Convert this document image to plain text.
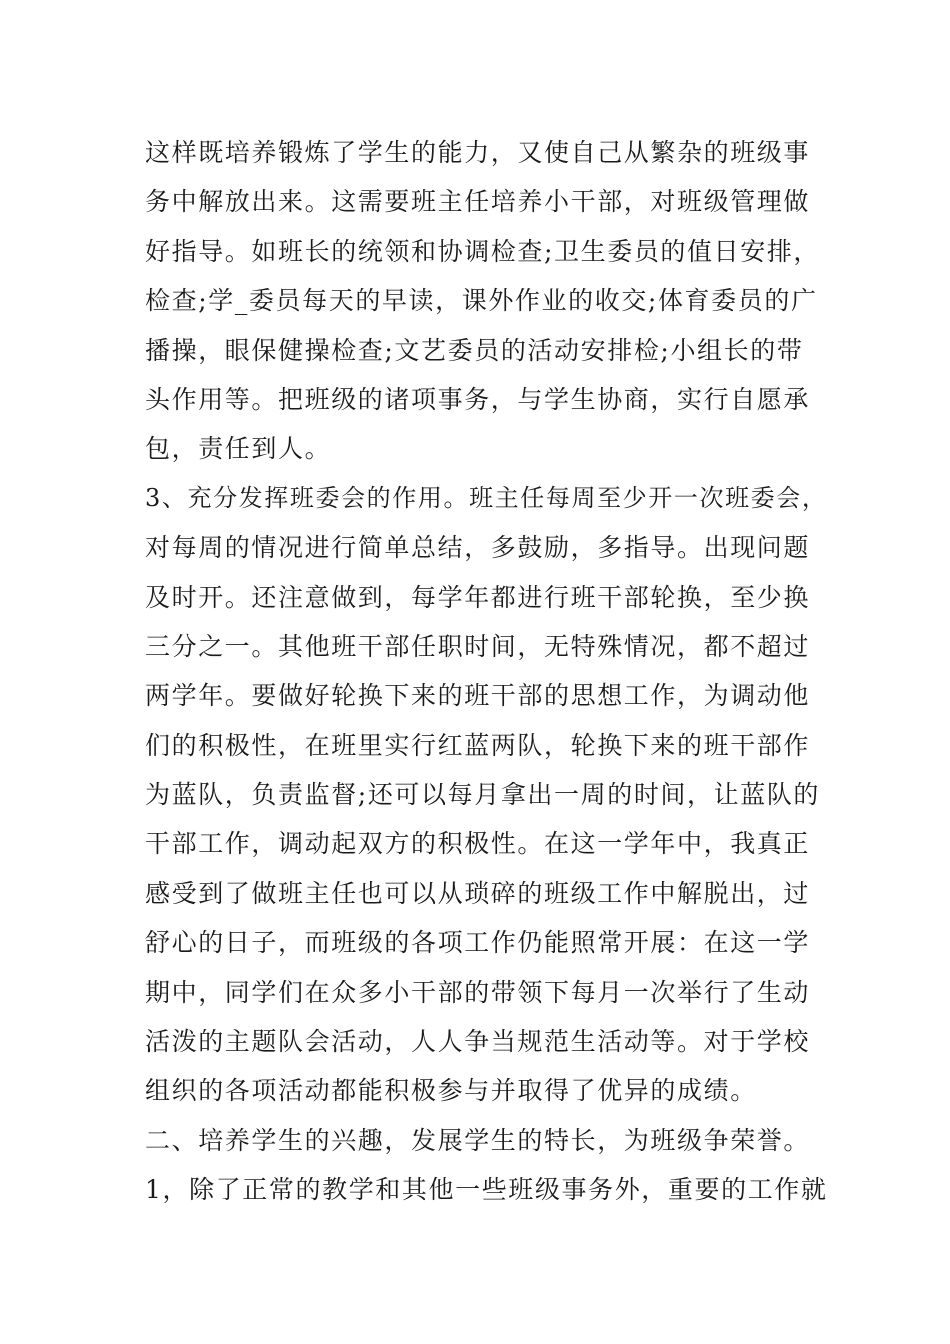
这样既培养锻炼了学生的能力，又使自己从繁杂的班级事
务中解放出来。这需要班主任培养小干部，对班级管理做
好指导。如班长的统领和协调检查;卫生委员的值日安排，
检查;学_委员每天的早读，课外作业的收交;体育委员的广
播操，眼保健操检查;文艺委员的活动安排检;小组长的带
头作用等。把班级的诸项事务，与学生协商，实行自愿承
包，责任到人。
3、充分发挥班委会的作用。班主任每周至少开一次班委会，
对每周的情况进行简单总结，多鼓励，多指导。出现问题
及时开。还注意做到，每学年都进行班干部轮换，至少换
三分之一。其他班干部任职时间，无特殊情况，都不超过
两学年。要做好轮换下来的班干部的思想工作，为调动他
们的积极性，在班里实行红蓝两队，轮换下来的班干部作
为蓝队，负责监督;还可以每月拿出一周的时间，让蓝队的
干部工作，调动起双方的积极性。在这一学年中，我真正
感受到了做班主任也可以从琐碎的班级工作中解脱出，过
舒心的日子，而班级的各项工作仍能照常开展：在这一学
期中，同学们在众多小干部的带领下每月一次举行了生动
活泼的主题队会活动，人人争当规范生活动等。对于学校
组织的各项活动都能积极参与并取得了优异的成绩。
二、培养学生的兴趣，发展学生的特长，为班级争荣誉。
1，除了正常的教学和其他一些班级事务外，重要的工作就
